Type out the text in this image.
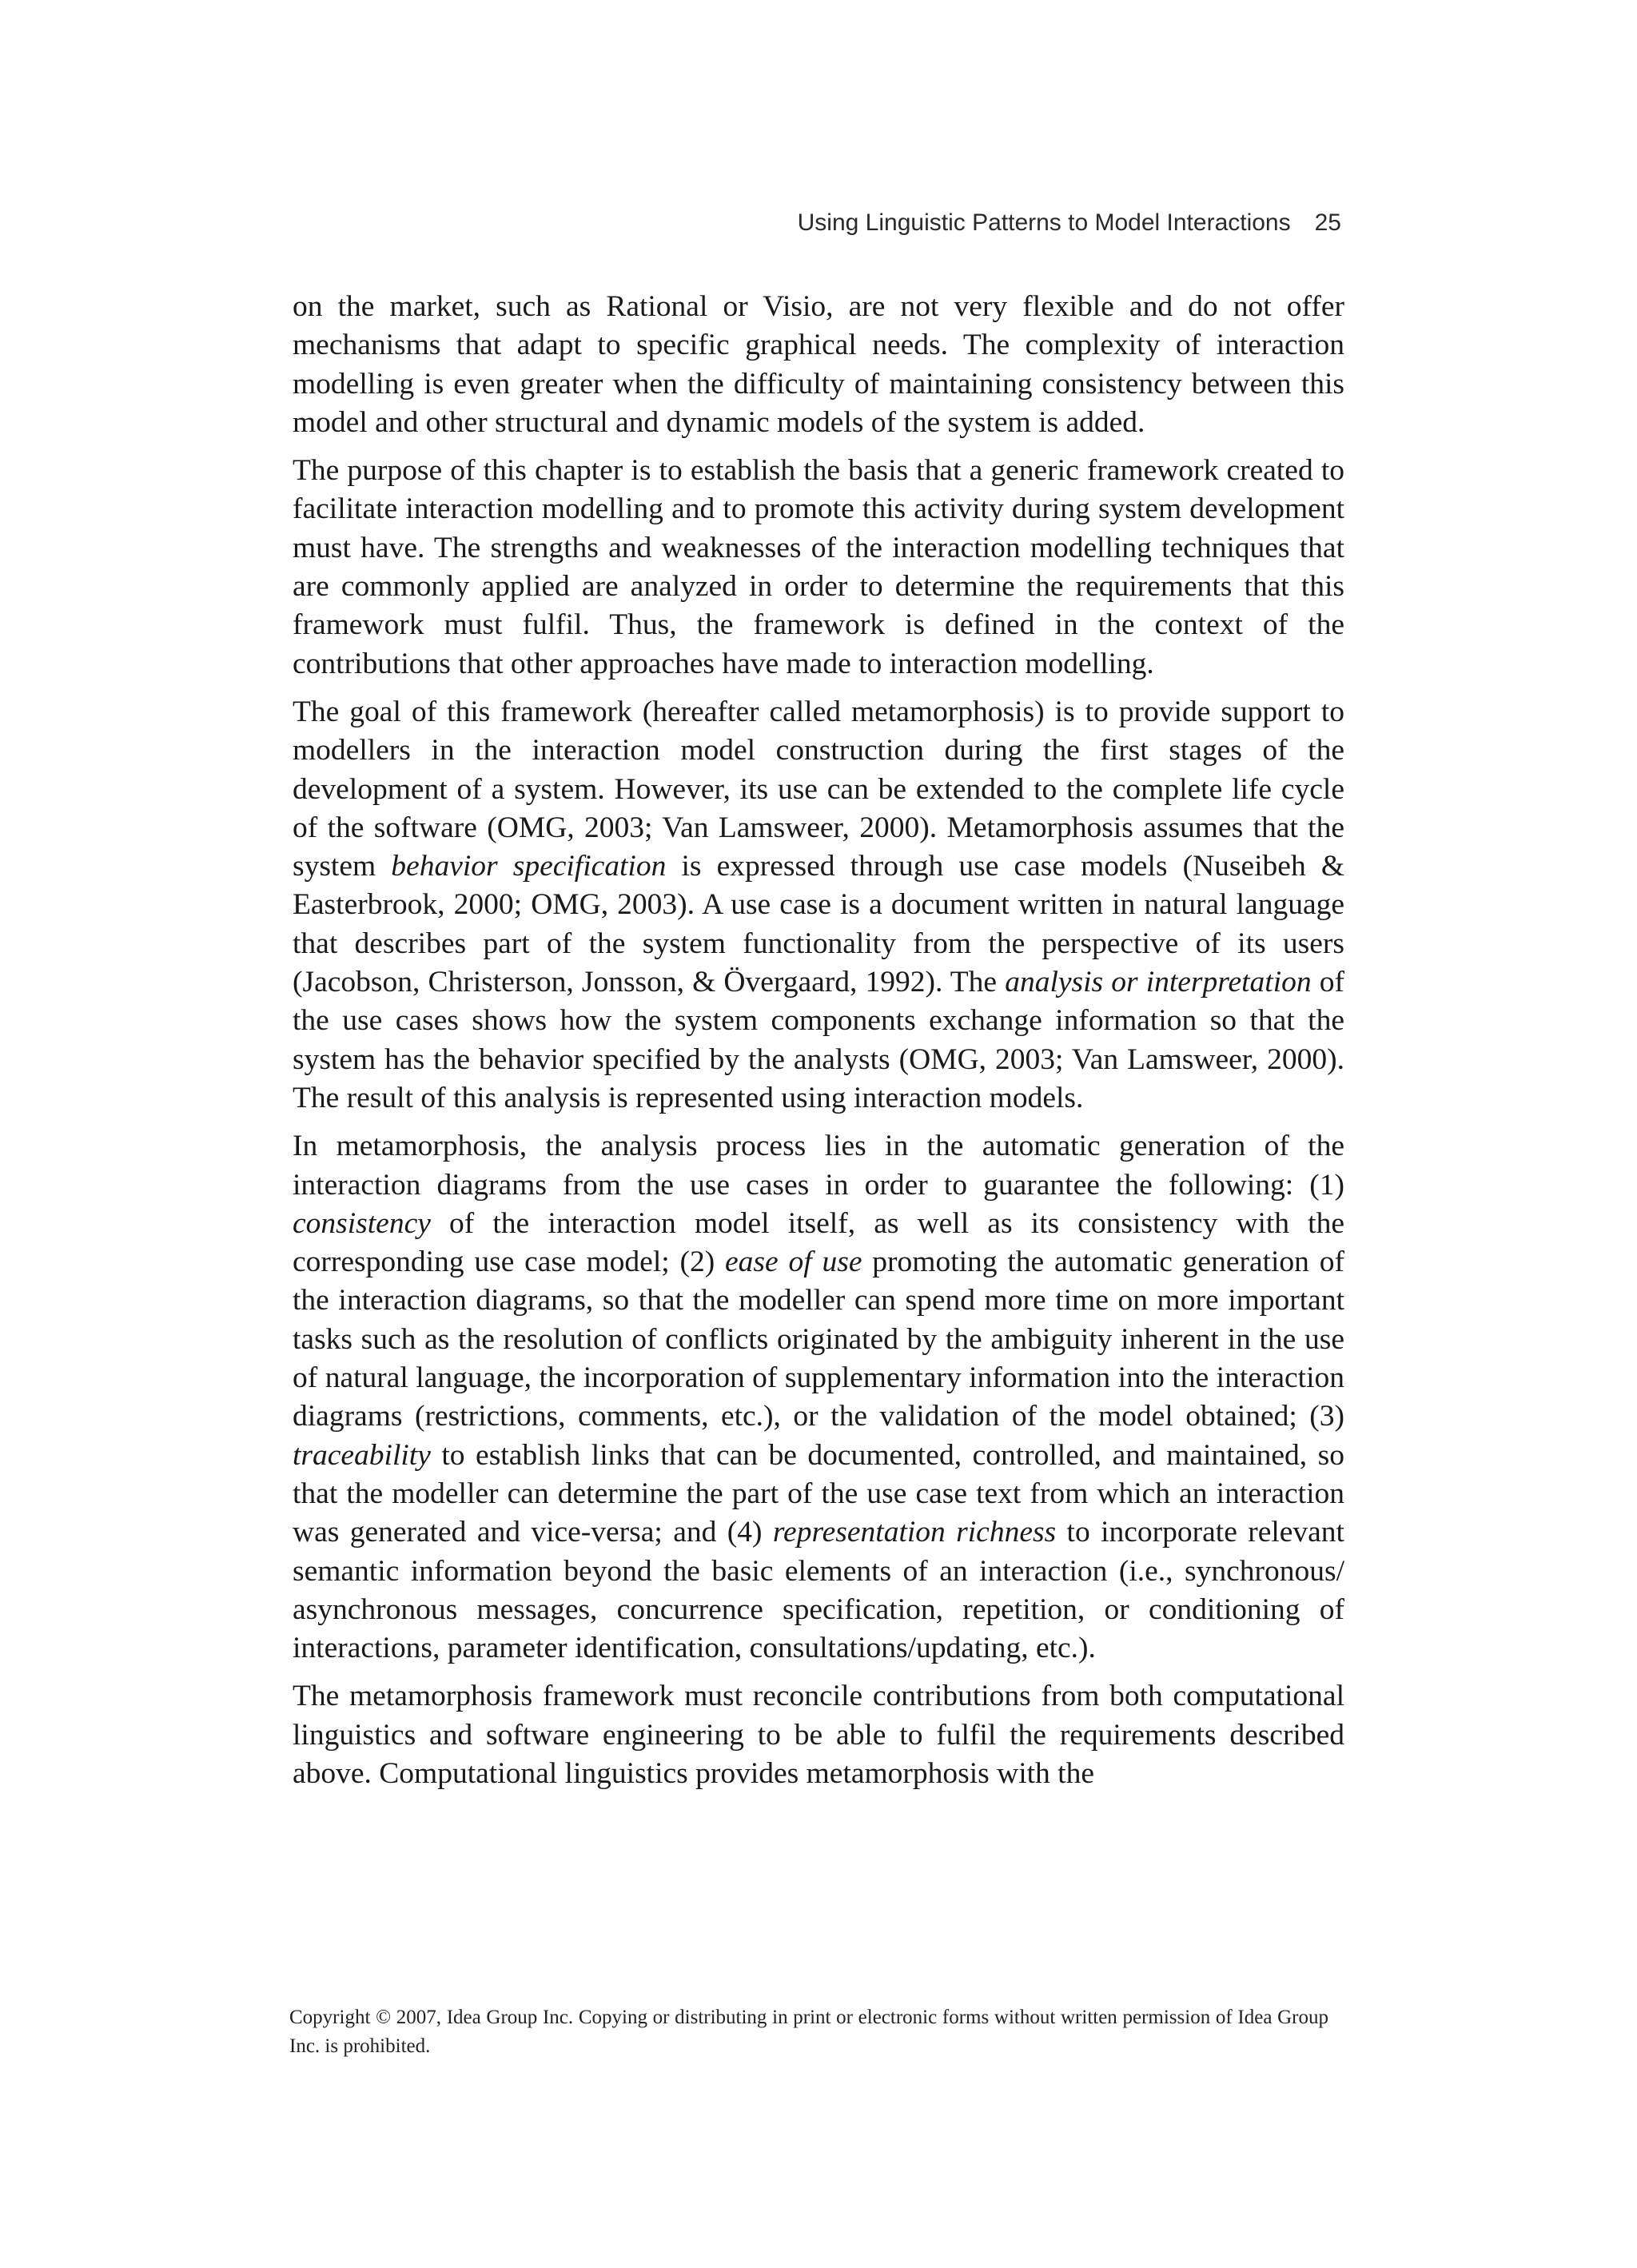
Using Linguistic Patterns to Model Interactions 25

on the market, such as Rational or Visio, are not very flexible and do not offer mechanisms that adapt to specific graphical needs. The complexity of interaction modelling is even greater when the difficulty of maintaining consistency between this model and other structural and dynamic models of the system is added.

The purpose of this chapter is to establish the basis that a generic framework created to facilitate interaction modelling and to promote this activity during system development must have. The strengths and weaknesses of the interaction modelling techniques that are commonly applied are analyzed in order to determine the requirements that this framework must fulfil. Thus, the framework is defined in the context of the contributions that other approaches have made to interaction modelling.

The goal of this framework (hereafter called metamorphosis) is to provide support to modellers in the interaction model construction during the first stages of the development of a system. However, its use can be extended to the complete life cycle of the software (OMG, 2003; Van Lamsweer, 2000). Metamorphosis assumes that the system behavior specification is expressed through use case models (Nuseibeh & Easterbrook, 2000; OMG, 2003). A use case is a document written in natural language that describes part of the system functionality from the perspective of its users (Jacobson, Christerson, Jonsson, & Övergaard, 1992). The analysis or interpretation of the use cases shows how the system components exchange information so that the system has the behavior specified by the analysts (OMG, 2003; Van Lamsweer, 2000). The result of this analysis is represented using interaction models.

In metamorphosis, the analysis process lies in the automatic generation of the interaction diagrams from the use cases in order to guarantee the following: (1) consistency of the interaction model itself, as well as its consistency with the corresponding use case model; (2) ease of use promoting the automatic generation of the interaction diagrams, so that the modeller can spend more time on more important tasks such as the resolution of conflicts originated by the ambiguity inherent in the use of natural language, the incorporation of supplementary information into the interaction diagrams (restrictions, comments, etc.), or the validation of the model obtained; (3) traceability to establish links that can be documented, controlled, and maintained, so that the modeller can determine the part of the use case text from which an interaction was generated and vice-versa; and (4) representation richness to incorporate relevant semantic information beyond the basic elements of an interaction (i.e., synchronous/​asynchronous messages, concurrence specification, repetition, or conditioning of interactions, parameter identification, consultations/updating, etc.).

The metamorphosis framework must reconcile contributions from both computational linguistics and software engineering to be able to fulfil the requirements described above. Computational linguistics provides metamorphosis with the

Copyright © 2007, Idea Group Inc. Copying or distributing in print or electronic forms without written permission of Idea Group Inc. is prohibited.
